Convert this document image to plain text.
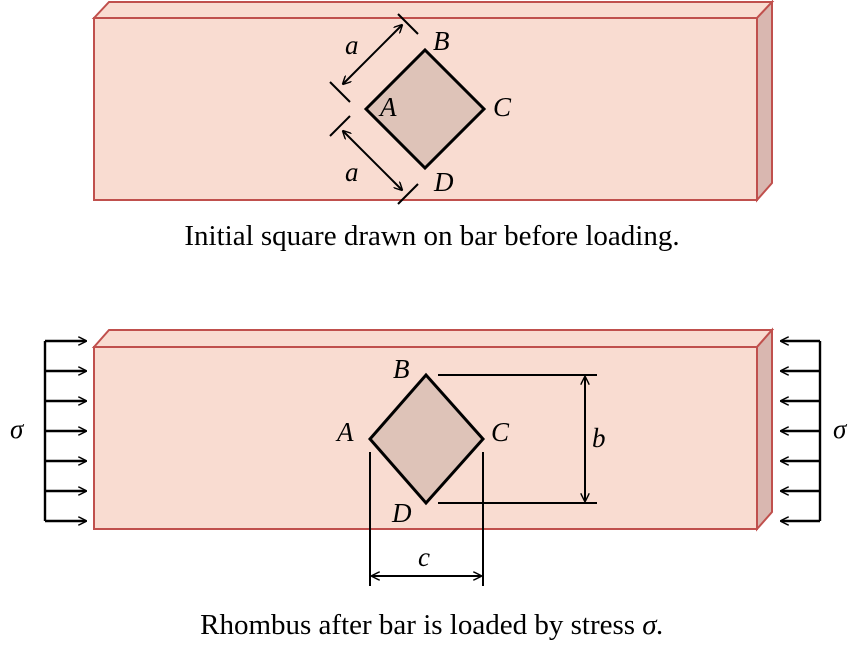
A
B
C
D
a
a
Initial square drawn on bar before loading.
A
B
C
D
b
c
σ	σ
Rhombus after bar is loaded by stress σ.
